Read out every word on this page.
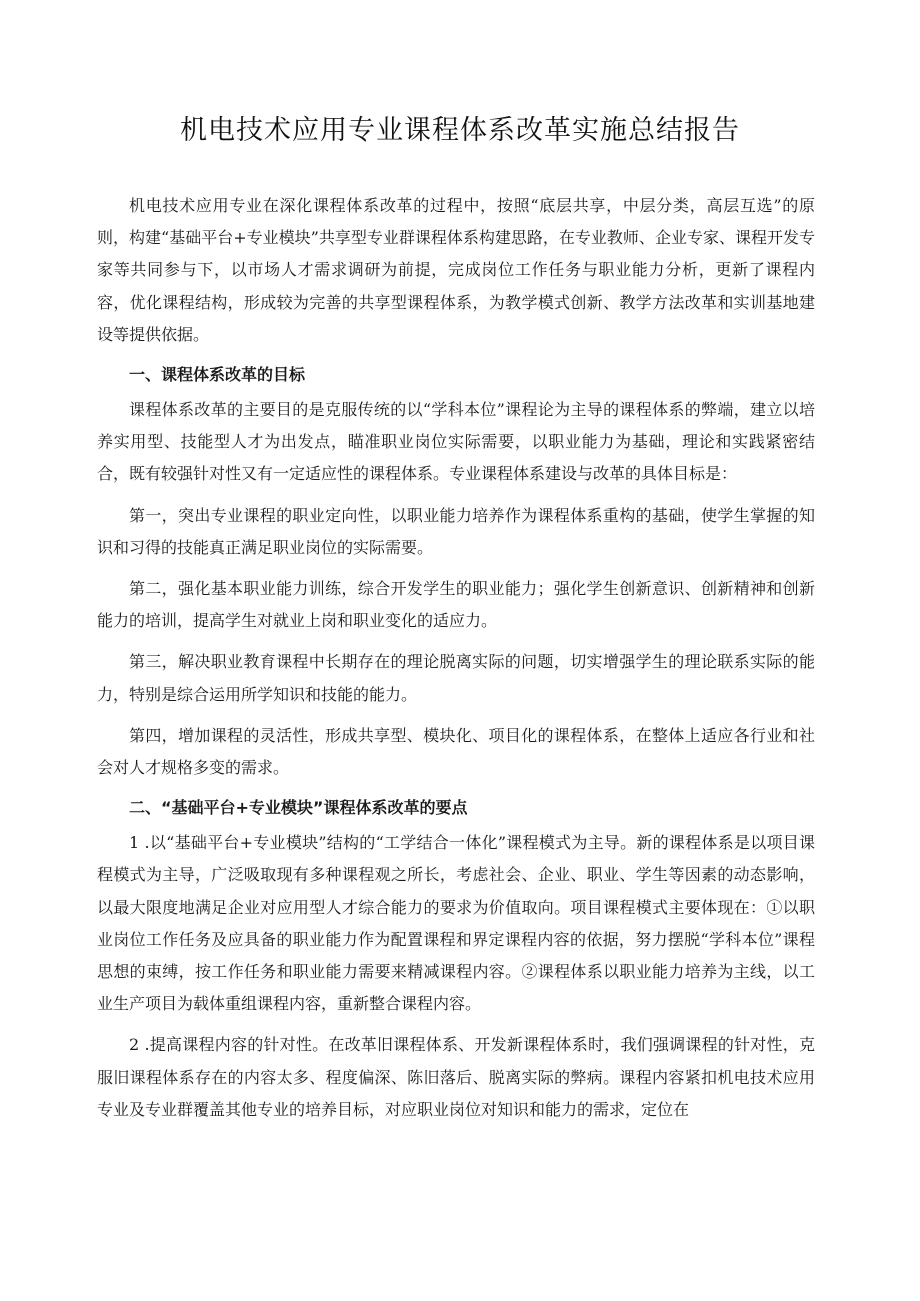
机电技术应用专业课程体系改革实施总结报告

机电技术应用专业在深化课程体系改革的过程中，按照“底层共享，中层分类，高层互选”的原则，构建“基础平台+专业模块”共享型专业群课程体系构建思路，在专业教师、企业专家、课程开发专家等共同参与下，以市场人才需求调研为前提，完成岗位工作任务与职业能力分析，更新了课程内容，优化课程结构，形成较为完善的共享型课程体系，为教学模式创新、教学方法改革和实训基地建设等提供依据。

一、课程体系改革的目标

课程体系改革的主要目的是克服传统的以“学科本位”课程论为主导的课程体系的弊端，建立以培养实用型、技能型人才为出发点，瞄准职业岗位实际需要，以职业能力为基础，理论和实践紧密结合，既有较强针对性又有一定适应性的课程体系。专业课程体系建设与改革的具体目标是：

第一，突出专业课程的职业定向性，以职业能力培养作为课程体系重构的基础，使学生掌握的知识和习得的技能真正满足职业岗位的实际需要。

第二，强化基本职业能力训练，综合开发学生的职业能力；强化学生创新意识、创新精神和创新能力的培训，提高学生对就业上岗和职业变化的适应力。

第三，解决职业教育课程中长期存在的理论脱离实际的问题，切实增强学生的理论联系实际的能力，特别是综合运用所学知识和技能的能力。

第四，增加课程的灵活性，形成共享型、模块化、项目化的课程体系，在整体上适应各行业和社会对人才规格多变的需求。

二、“基础平台+专业模块”课程体系改革的要点

1 .以“基础平台+专业模块”结构的“工学结合一体化”课程模式为主导。新的课程体系是以项目课程模式为主导，广泛吸取现有多种课程观之所长，考虑社会、企业、职业、学生等因素的动态影响，以最大限度地满足企业对应用型人才综合能力的要求为价值取向。项目课程模式主要体现在：①以职业岗位工作任务及应具备的职业能力作为配置课程和界定课程内容的依据，努力摆脱“学科本位”课程思想的束缚，按工作任务和职业能力需要来精减课程内容。②课程体系以职业能力培养为主线，以工业生产项目为载体重组课程内容，重新整合课程内容。

2 .提高课程内容的针对性。在改革旧课程体系、开发新课程体系时，我们强调课程的针对性，克服旧课程体系存在的内容太多、程度偏深、陈旧落后、脱离实际的弊病。课程内容紧扣机电技术应用专业及专业群覆盖其他专业的培养目标，对应职业岗位对知识和能力的需求，定位在
